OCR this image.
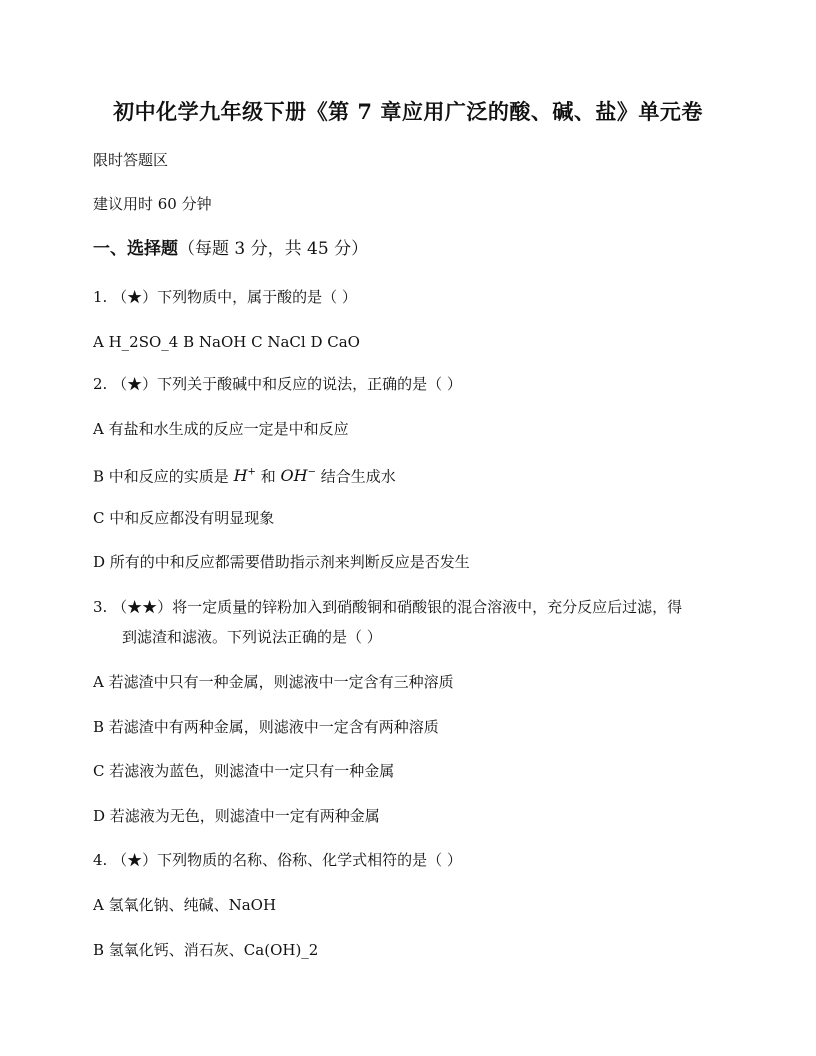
初中化学九年级下册《第 7 章应用广泛的酸、碱、盐》单元卷
限时答题区
建议用时 60 分钟
一、选择题（每题 3 分，共 45 分）
1. （★）下列物质中，属于酸的是（ ）
A H_2SO_4 B NaOH C NaCl D CaO
2. （★）下列关于酸碱中和反应的说法，正确的是（ ）
A 有盐和水生成的反应一定是中和反应
B 中和反应的实质是 H+ 和 OH− 结合生成水
C 中和反应都没有明显现象
D 所有的中和反应都需要借助指示剂来判断反应是否发生
3. （★★）将一定质量的锌粉加入到硝酸铜和硝酸银的混合溶液中，充分反应后过滤，得
到滤渣和滤液。下列说法正确的是（ ）
A 若滤渣中只有一种金属，则滤液中一定含有三种溶质
B 若滤渣中有两种金属，则滤液中一定含有两种溶质
C 若滤液为蓝色，则滤渣中一定只有一种金属
D 若滤液为无色，则滤渣中一定有两种金属
4. （★）下列物质的名称、俗称、化学式相符的是（ ）
A 氢氧化钠、纯碱、NaOH
B 氢氧化钙、消石灰、Ca(OH)_2
